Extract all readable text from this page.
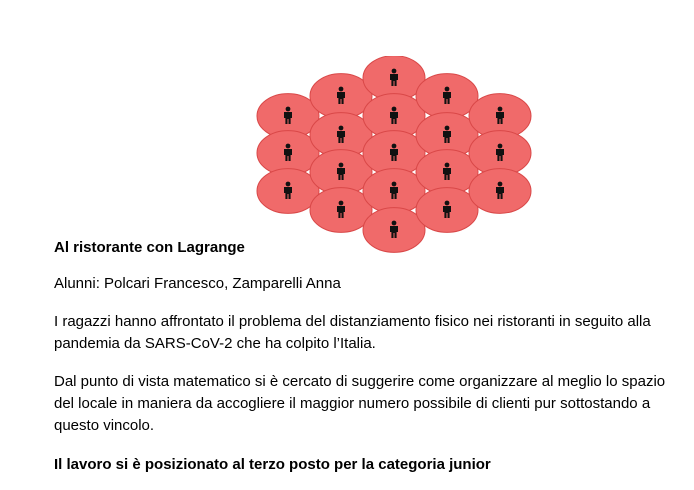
Al ristorante con Lagrange
Alunni: Polcari Francesco, Zamparelli Anna
I ragazzi hanno affrontato il problema del distanziamento fisico nei ristoranti in seguito alla pandemia da SARS-CoV-2 che ha colpito l’Italia.
Dal punto di vista matematico si è cercato di suggerire come organizzare al meglio lo spazio del locale in maniera da accogliere il maggior numero possibile di clienti pur sottostando a questo vincolo.
Il lavoro si è posizionato al terzo posto per la categoria junior
